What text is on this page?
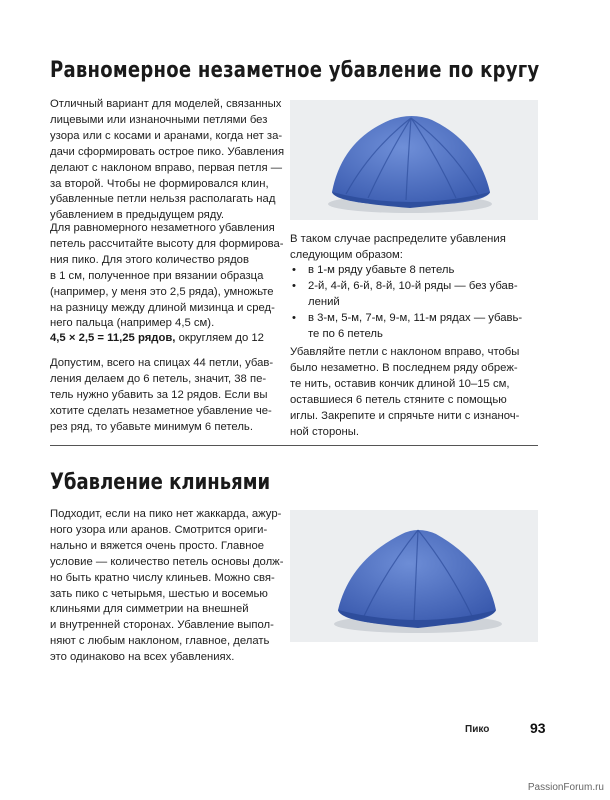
Равномерное незаметное убавление по кругу
Отличный вариант для моделей, связанных
лицевыми или изнаночными петлями без
узора или с косами и аранами, когда нет за-
дачи сформировать острое пико. Убавления
делают с наклоном вправо, первая петля —
за второй. Чтобы не формировался клин,
убавленные петли нельзя располагать над
убавлением в предыдущем ряду.
Для равномерного незаметного убавления
петель рассчитайте высоту для формирова-
ния пико. Для этого количество рядов
в 1 см, полученное при вязании образца
(например, у меня это 2,5 ряда), умножьте
на разницу между длиной мизинца и сред-
него пальца (например 4,5 см).
4,5 × 2,5 = 11,25 рядов, округляем до 12
Допустим, всего на спицах 44 петли, убав-
ления делаем до 6 петель, значит, 38 пе-
тель нужно убавить за 12 рядов. Если вы
хотите сделать незаметное убавление че-
рез ряд, то убавьте минимум 6 петель.
В таком случае распределите убавления
следующим образом:
• в 1-м ряду убавьте 8 петель
• 2-й, 4-й, 6-й, 8-й, 10-й ряды — без убав-
лений
• в 3-м, 5-м, 7-м, 9-м, 11-м рядах — убавь-
те по 6 петель
Убавляйте петли с наклоном вправо, чтобы
было незаметно. В последнем ряду обреж-
те нить, оставив кончик длиной 10–15 см,
оставшиеся 6 петель стяните с помощью
иглы. Закрепите и спрячьте нити с изнаноч-
ной стороны.
Убавление клиньями
Подходит, если на пико нет жаккарда, ажур-
ного узора или аранов. Смотрится ориги-
нально и вяжется очень просто. Главное
условие — количество петель основы долж-
но быть кратно числу клиньев. Можно свя-
зать пико с четырьмя, шестью и восемью
клиньями для симметрии на внешней
и внутренней сторонах. Убавление выпол-
няют с любым наклоном, главное, делать
это одинаково на всех убавлениях.
Пико	93
PassionForum.ru
